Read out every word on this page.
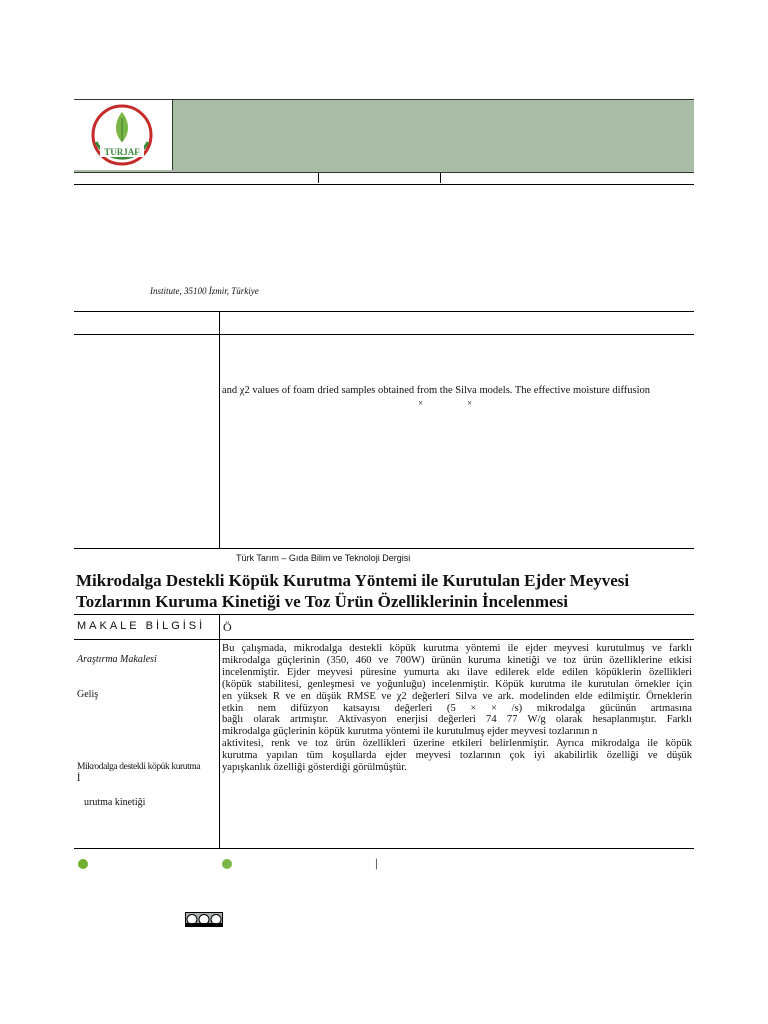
TURJAF
Institute, 35100 İzmir, Türkiye
and χ2 values of foam dried samples obtained from the Silva models. The effective moisture diffusion
×	×
Türk Tarım – Gıda Bilim ve Teknoloji Dergisi
Mikrodalga Destekli Köpük Kurutma Yöntemi ile Kurutulan Ejder Meyvesi Tozlarının Kuruma Kinetiği ve Toz Ürün Özelliklerinin İncelenmesi
MAKALE BİLGİSİ Ö
Araştırma Makalesi
Geliş
Mikrodalga destekli köpük kurutma
İ
urutma kinetiği
Bu çalışmada, mikrodalga destekli köpük kurutma yöntemi ile ejder meyvesi kurutulmuş ve farklı
mikrodalga güçlerinin (350, 460 ve 700W) ürünün kuruma kinetiği ve toz ürün özelliklerine etkisi
incelenmiştir. Ejder meyvesi püresine yumurta akı ilave edilerek elde edilen köpüklerin özellikleri
(köpük stabilitesi, genleşmesi ve yoğunluğu) incelenmiştir. Köpük kurutma ile kurutulan örnekler için
en yüksek R ve en düşük RMSE ve χ2 değerleri Silva ve ark. modelinden elde edilmiştir. Örneklerin
etkin nem difüzyon katsayısı değerleri (5 × × /s) mikrodalga gücünün artmasına
bağlı olarak artmıştır. Aktivasyon enerjisi değerleri 74 77 W/g olarak hesaplanmıştır. Farklı
mikrodalga güçlerinin köpük kurutma yöntemi ile kurutulmuş ejder meyvesi tozlarının n
aktivitesi, renk ve toz ürün özellikleri üzerine etkileri belirlenmiştir. Ayrıca mikrodalga ile köpük
kurutma yapılan tüm koşullarda ejder meyvesi tozlarının çok iyi akabilirlik özelliği ve düşük
yapışkanlık özelliği gösterdiği görülmüştür.
|
